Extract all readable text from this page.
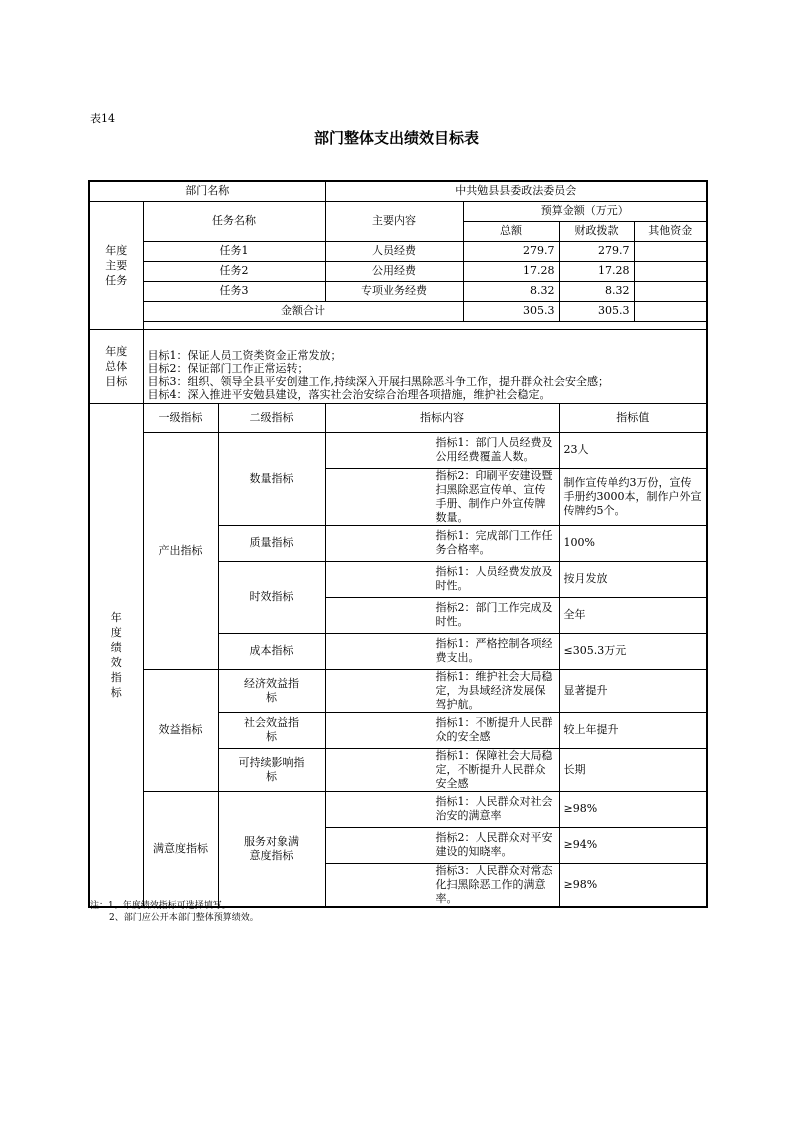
表14
部门整体支出绩效目标表
部门名称			中共勉县县委政法委员会			

年度主要任务	任务名称		主要内容	预算金额（万元）		
				总额	财政拨款	其他资金
	任务1		人员经费	279.7	279.7	
	任务2		公用经费	17.28	17.28	
	任务3		专项业务经费	8.32	8.32	
	金额合计			305.3	305.3	

年度总体目标	目标1：保证人员工资类资金正常发放；
目标2：保证部门工作正常运转；
目标3：组织、领导全县平安创建工作,持续深入开展扫黑除恶斗争工作，提升群众社会安全感；
目标4：深入推进平安勉县建设，落实社会治安综合治理各项措施，维护社会稳定。					

年度绩效指标	一级指标	二级指标	指标内容		指标值	
	产出指标	数量指标	指标1：部门人员经费及公用经费覆盖人数。		23人	
			指标2：印刷平安建设暨扫黑除恶宣传单、宣传手册、制作户外宣传牌数量。		制作宣传单约3万份，宣传手册约3000本，制作户外宣传牌约5个。	
		质量指标	指标1：完成部门工作任务合格率。		100%	
		时效指标	指标1：人员经费发放及时性。		按月发放	
			指标2：部门工作完成及时性。		全年	
		成本指标	指标1：严格控制各项经费支出。		≤305.3万元	
	效益指标	经济效益指标	指标1：维护社会大局稳定，为县域经济发展保驾护航。		显著提升	

		社会效益指标	指标1：不断提升人民群众的安全感		较上年提升	

		可持续影响指标	指标1：保障社会大局稳定，不断提升人民群众安全感		长期	
	满意度指标	服务对象满意度指标	指标1：人民群众对社会治安的满意率		≥98%	
			指标2：人民群众对平安建设的知晓率。		≥94%	
			指标3：人民群众对常态化扫黑除恶工作的满意率。		≥98%	
注：1、年度绩效指标可选择填写。
2、部门应公开本部门整体预算绩效。
